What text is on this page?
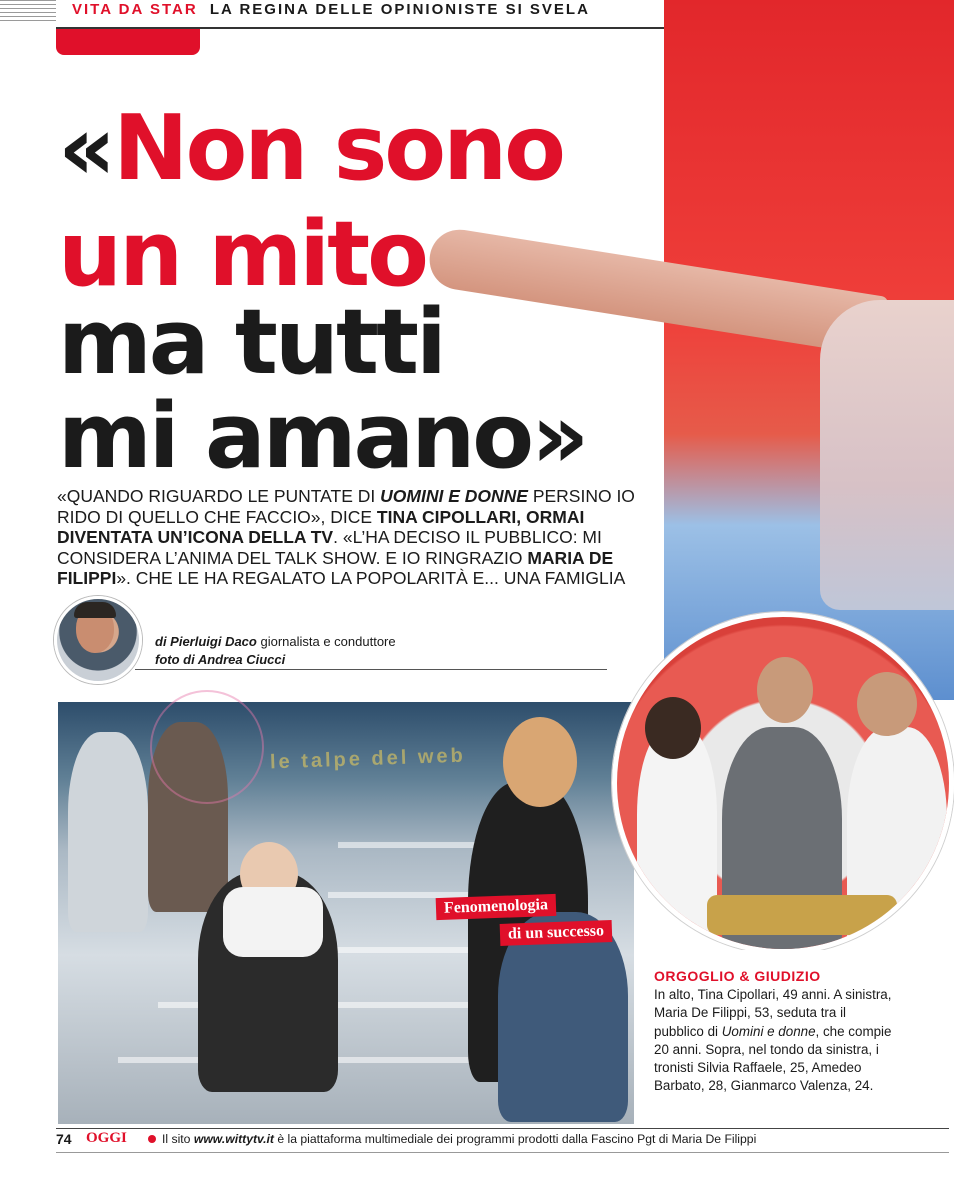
VITA DA STAR LA REGINA DELLE OPINIONISTE SI SVELA
«Non sono
un mito
ma tutti
mi amano»
«QUANDO RIGUARDO LE PUNTATE DI UOMINI E DONNE PERSINO IO RIDO DI QUELLO CHE FACCIO», DICE TINA CIPOLLARI, ORMAI DIVENTATA UN’ICONA DELLA TV. «L’HA DECISO IL PUBBLICO: MI CONSIDERA L’ANIMA DEL TALK SHOW. E IO RINGRAZIO MARIA DE FILIPPI». CHE LE HA REGALATO LA POPOLARITÀ E... UNA FAMIGLIA
di Pierluigi Daco giornalista e conduttore
foto di Andrea Ciucci
le talpe del web
Fenomenologia
di un successo
ORGOGLIO & GIUDIZIO
In alto, Tina Cipollari, 49 anni. A sinistra, Maria De Filippi, 53, seduta tra il pubblico di Uomini e donne, che compie 20 anni. Sopra, nel tondo da sinistra, i tronisti Silvia Raffaele, 25, Amedeo Barbato, 28, Gianmarco Valenza, 24.
74 OGGI	Il sito www.wittytv.it è la piattaforma multimediale dei programmi prodotti dalla Fascino Pgt di Maria De Filippi
